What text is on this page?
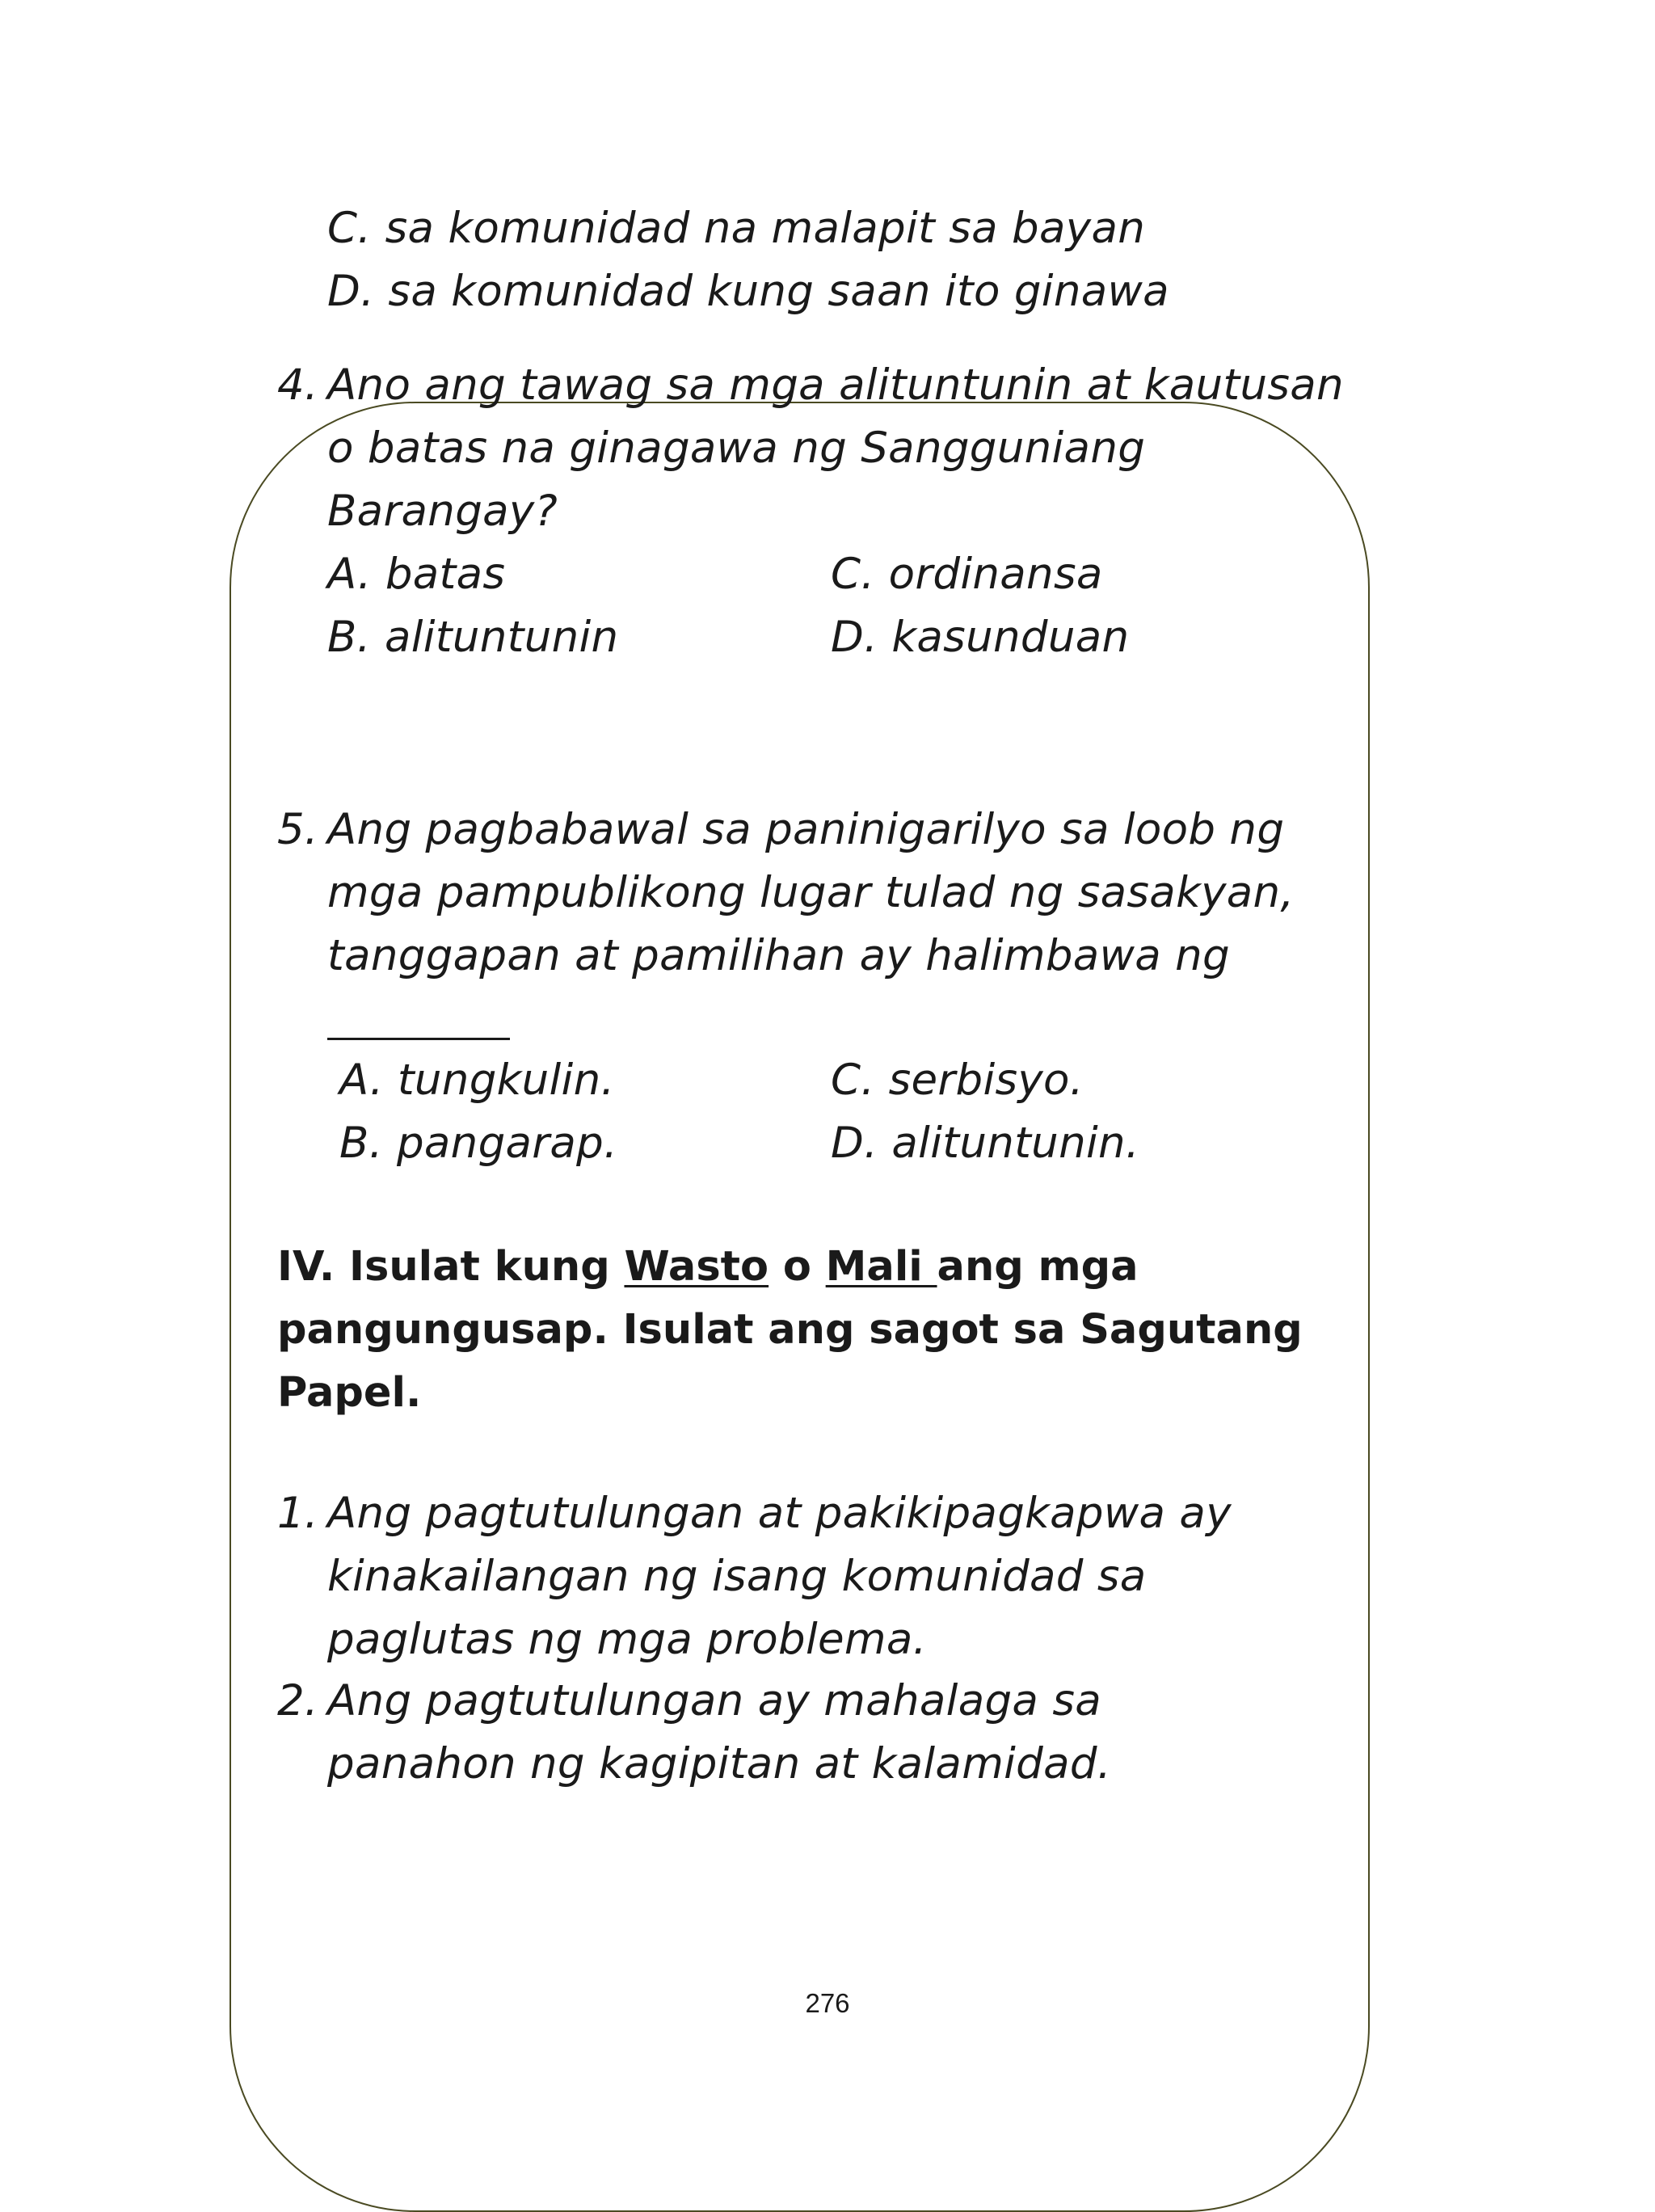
C. sa komunidad na malapit sa bayan
D. sa komunidad kung saan ito ginawa
4. Ano ang tawag sa mga alituntunin at kautusan
o batas na ginagawa ng Sangguniang
Barangay?
A. batas	C. ordinansa
B. alituntunin	D. kasunduan
5. Ang pagbabawal sa paninigarilyo sa loob ng
mga pampublikong lugar tulad ng sasakyan,
tanggapan at pamilihan ay halimbawa ng
A. tungkulin.	C. serbisyo.
B. pangarap.	D. alituntunin.
IV. Isulat kung Wasto o Mali ang mga
pangungusap. Isulat ang sagot sa Sagutang
Papel.
1. Ang pagtutulungan at pakikipagkapwa ay
kinakailangan ng isang komunidad sa
paglutas ng mga problema.
2. Ang pagtutulungan ay mahalaga sa
panahon ng kagipitan at kalamidad.
276
